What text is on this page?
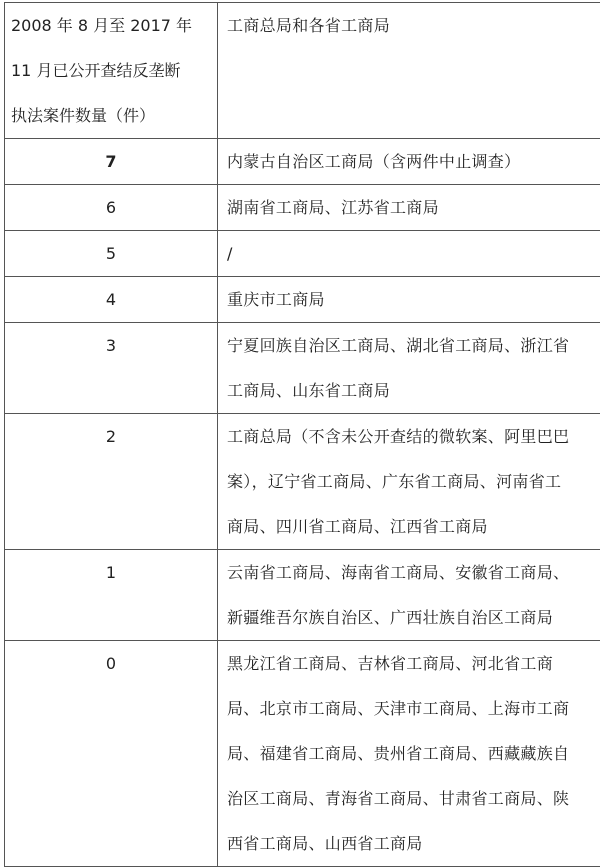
2008 年 8 月至 2017 年
11 月已公开查结反垄断
执法案件数量（件）	工商总局和各省工商局

7	内蒙古自治区工商局（含两件中止调查）

6	湖南省工商局、江苏省工商局

5	/

4	重庆市工商局

3	宁夏回族自治区工商局、湖北省工商局、浙江省
工商局、山东省工商局

2	工商总局（不含未公开查结的微软案、阿里巴巴
案），辽宁省工商局、广东省工商局、河南省工
商局、四川省工商局、江西省工商局

1	云南省工商局、海南省工商局、安徽省工商局、
新疆维吾尔族自治区、广西壮族自治区工商局

0	黑龙江省工商局、吉林省工商局、河北省工商
局、北京市工商局、天津市工商局、上海市工商
局、福建省工商局、贵州省工商局、西藏藏族自
治区工商局、青海省工商局、甘肃省工商局、陕
西省工商局、山西省工商局
